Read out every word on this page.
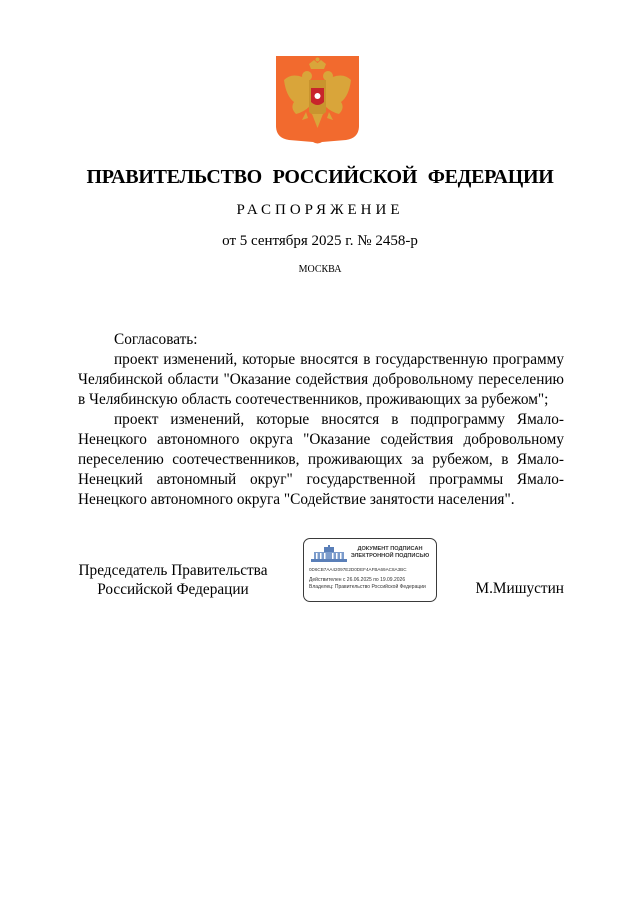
ПРАВИТЕЛЬСТВО РОССИЙСКОЙ ФЕДЕРАЦИИ
РАСПОРЯЖЕНИЕ
от 5 сентября 2025 г. № 2458-р
МОСКВА

Согласовать:

проект изменений, которые вносятся в государственную программу Челябинской области "Оказание содействия добровольному переселению в Челябинскую область соотечественников, проживающих за рубежом";

проект изменений, которые вносятся в подпрограмму Ямало-Ненецкого автономного округа "Оказание содействия добровольному переселению соотечественников, проживающих за рубежом, в Ямало-Ненецкий автономный округ" государственной программы Ямало-Ненецкого автономного округа "Содействие занятости населения".

Председатель Правительства
Российской Федерации
ДОКУМЕНТ ПОДПИСАН
ЭЛЕКТРОННОЙ ПОДПИСЬЮ
0D6CB7AA42097E2D0DEF4AFBA69AC8A3BC
Действителен с 26.06.2025 по 19.09.2026
Владелец: Правительство Российской Федерации	М.Мишустин
